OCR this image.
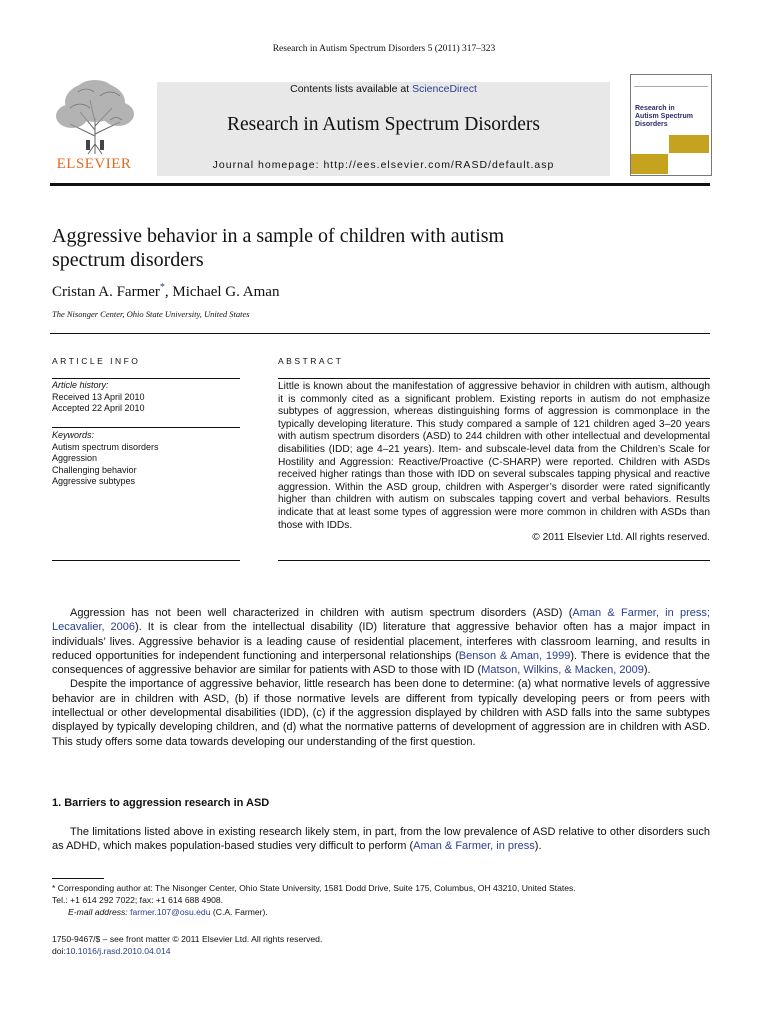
Research in Autism Spectrum Disorders 5 (2011) 317–323
ELSEVIER
Contents lists available at ScienceDirect
Research in Autism Spectrum Disorders
Journal homepage: http://ees.elsevier.com/RASD/default.asp
Research in
Autism Spectrum
Disorders
Aggressive behavior in a sample of children with autism
spectrum disorders
Cristan A. Farmer*, Michael G. Aman
The Nisonger Center, Ohio State University, United States
ARTICLE INFO
Article history:
Received 13 April 2010
Accepted 22 April 2010
Keywords:
Autism spectrum disorders
Aggression
Challenging behavior
Aggressive subtypes
ABSTRACT
Little is known about the manifestation of aggressive behavior in children with autism, although it is commonly cited as a significant problem. Existing reports in autism do not emphasize subtypes of aggression, whereas distinguishing forms of aggression is commonplace in the typically developing literature. This study compared a sample of 121 children aged 3–20 years with autism spectrum disorders (ASD) to 244 children with other intellectual and developmental disabilities (IDD; age 4–21 years). Item- and subscale-level data from the Children’s Scale for Hostility and Aggression: Reactive/Proactive (C-SHARP) were reported. Children with ASDs received higher ratings than those with IDD on several subscales tapping physical and reactive aggression. Within the ASD group, children with Asperger’s disorder were rated significantly higher than children with autism on subscales tapping covert and verbal behaviors. Results indicate that at least some types of aggression were more common in children with ASDs than those with IDDs.
© 2011 Elsevier Ltd. All rights reserved.

Aggression has not been well characterized in children with autism spectrum disorders (ASD) (Aman & Farmer, in press; Lecavalier, 2006). It is clear from the intellectual disability (ID) literature that aggressive behavior often has a major impact in individuals’ lives. Aggressive behavior is a leading cause of residential placement, interferes with classroom learning, and results in reduced opportunities for independent functioning and interpersonal relationships (Benson & Aman, 1999). There is evidence that the consequences of aggressive behavior are similar for patients with ASD to those with ID (Matson, Wilkins, & Macken, 2009).

Despite the importance of aggressive behavior, little research has been done to determine: (a) what normative levels of aggressive behavior are in children with ASD, (b) if those normative levels are different from typically developing peers or from peers with intellectual or other developmental disabilities (IDD), (c) if the aggression displayed by children with ASD falls into the same subtypes displayed by typically developing children, and (d) what the normative patterns of development of aggression are in children with ASD. This study offers some data towards developing our understanding of the first question.

1. Barriers to aggression research in ASD

The limitations listed above in existing research likely stem, in part, from the low prevalence of ASD relative to other disorders such as ADHD, which makes population-based studies very difficult to perform (Aman & Farmer, in press).

* Corresponding author at: The Nisonger Center, Ohio State University, 1581 Dodd Drive, Suite 175, Columbus, OH 43210, United States.
Tel.: +1 614 292 7022; fax: +1 614 688 4908.
E-mail address: farmer.107@osu.edu (C.A. Farmer).
1750-9467/$ – see front matter © 2011 Elsevier Ltd. All rights reserved.
doi:10.1016/j.rasd.2010.04.014
